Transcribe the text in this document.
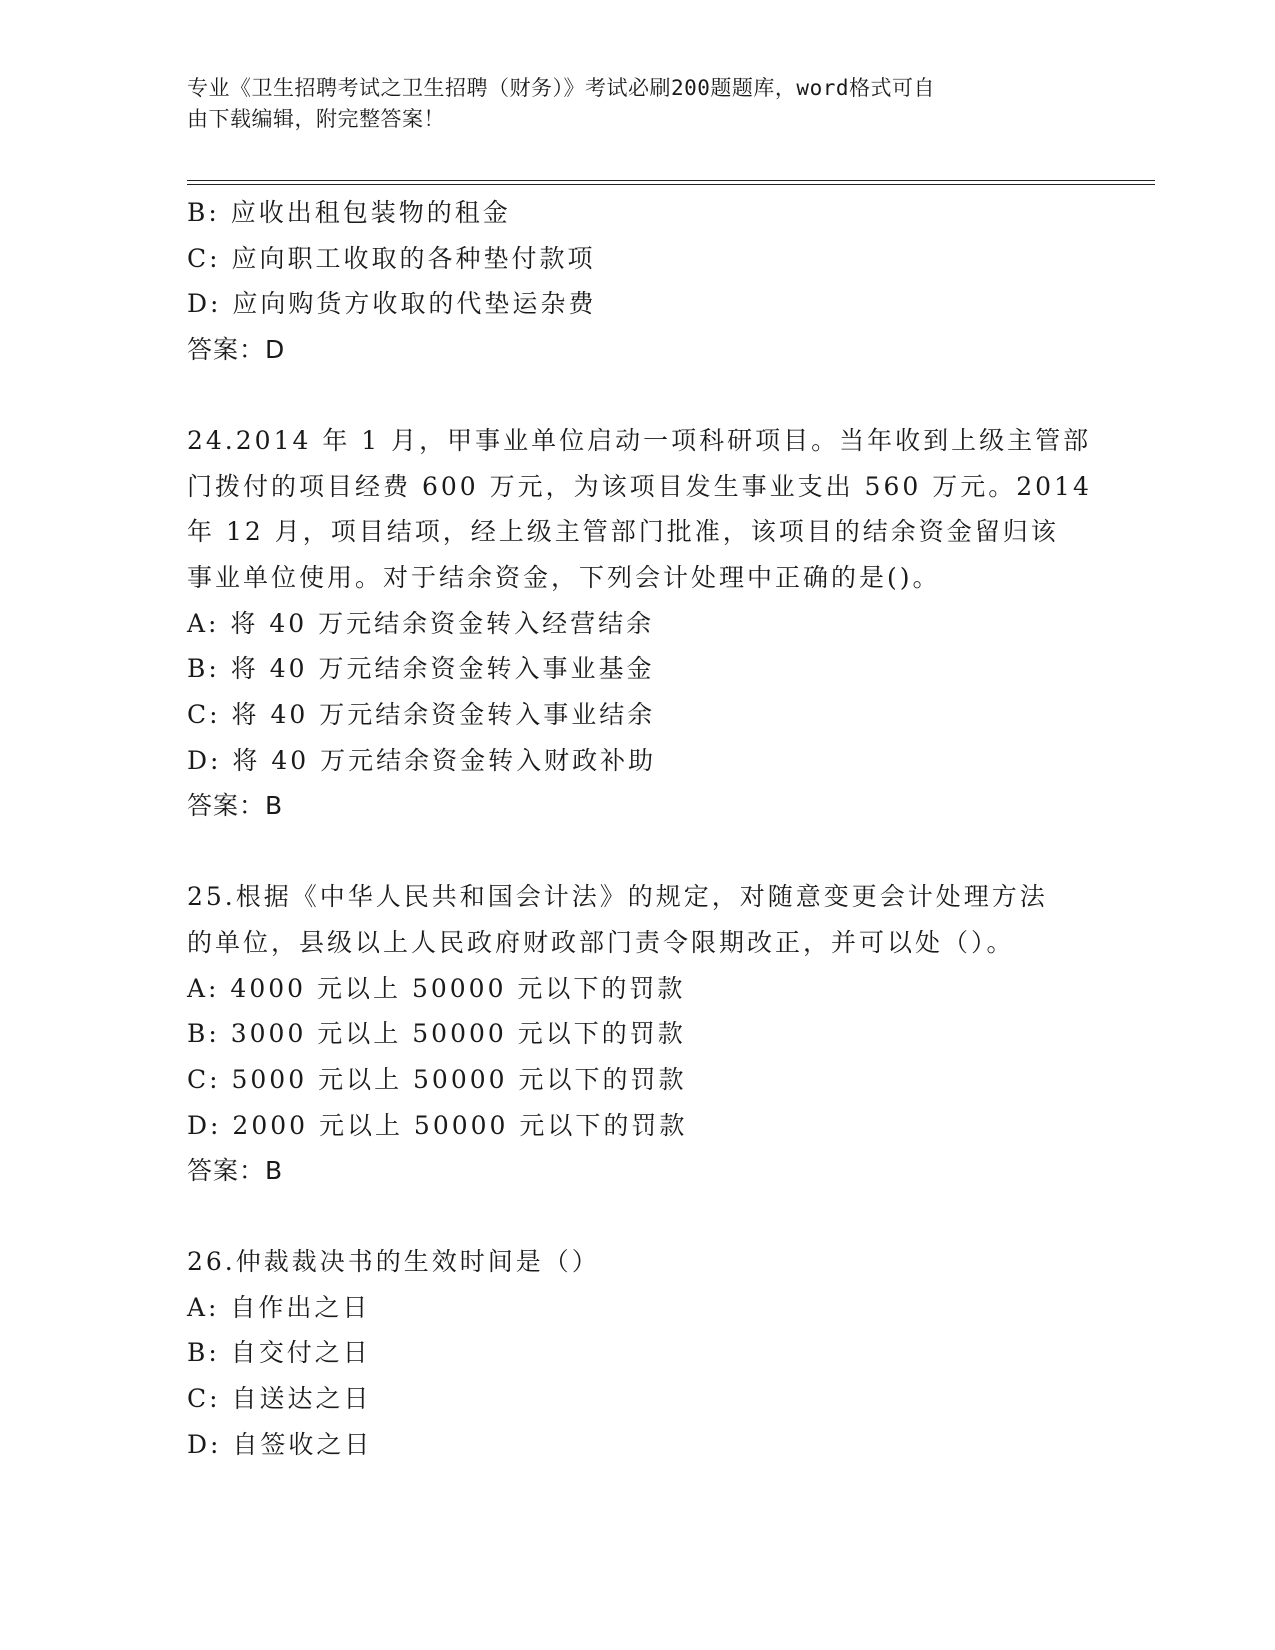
专业《卫生招聘考试之卫生招聘（财务）》考试必刷200题题库，word格式可自
由下载编辑，附完整答案！
B: 应收出租包装物的租金
C: 应向职工收取的各种垫付款项
D: 应向购货方收取的代垫运杂费
答案：D
24.2014 年 1 月，甲事业单位启动一项科研项目。当年收到上级主管部
门拨付的项目经费 600 万元，为该项目发生事业支出 560 万元。2014
年 12 月，项目结项，经上级主管部门批准，该项目的结余资金留归该
事业单位使用。对于结余资金，下列会计处理中正确的是()。
A: 将 40 万元结余资金转入经营结余
B: 将 40 万元结余资金转入事业基金
C: 将 40 万元结余资金转入事业结余
D: 将 40 万元结余资金转入财政补助
答案：B
25.根据《中华人民共和国会计法》的规定，对随意变更会计处理方法
的单位，县级以上人民政府财政部门责令限期改正，并可以处（）。
A: 4000 元以上 50000 元以下的罚款
B: 3000 元以上 50000 元以下的罚款
C: 5000 元以上 50000 元以下的罚款
D: 2000 元以上 50000 元以下的罚款
答案：B
26.仲裁裁决书的生效时间是（）
A: 自作出之日
B: 自交付之日
C: 自送达之日
D: 自签收之日
